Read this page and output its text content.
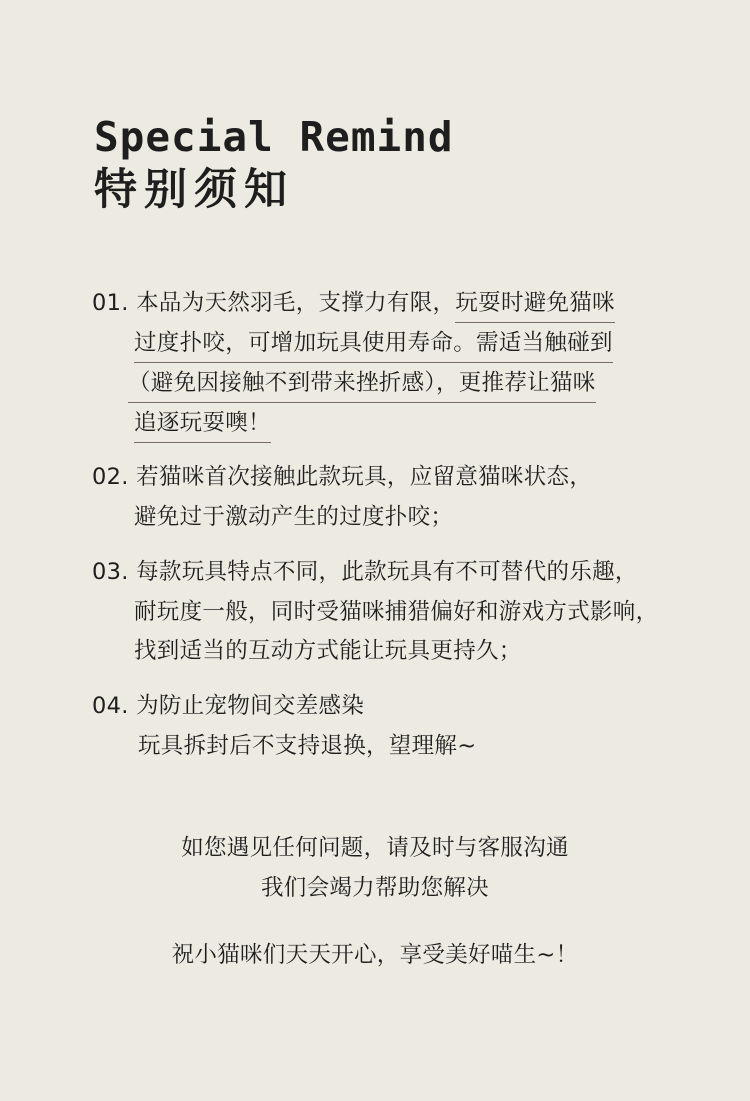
Special Remind
特别须知
01. 本品为天然羽毛，支撑力有限，玩耍时避免猫咪
过度扑咬，可增加玩具使用寿命。需适当触碰到
（避免因接触不到带来挫折感），更推荐让猫咪
追逐玩耍噢！
02. 若猫咪首次接触此款玩具，应留意猫咪状态，
避免过于激动产生的过度扑咬；
03. 每款玩具特点不同，此款玩具有不可替代的乐趣，
耐玩度一般，同时受猫咪捕猎偏好和游戏方式影响，
找到适当的互动方式能让玩具更持久；
04. 为防止宠物间交差感染
玩具拆封后不支持退换，望理解~
如您遇见任何问题，请及时与客服沟通
我们会竭力帮助您解决
祝小猫咪们天天开心，享受美好喵生~！
